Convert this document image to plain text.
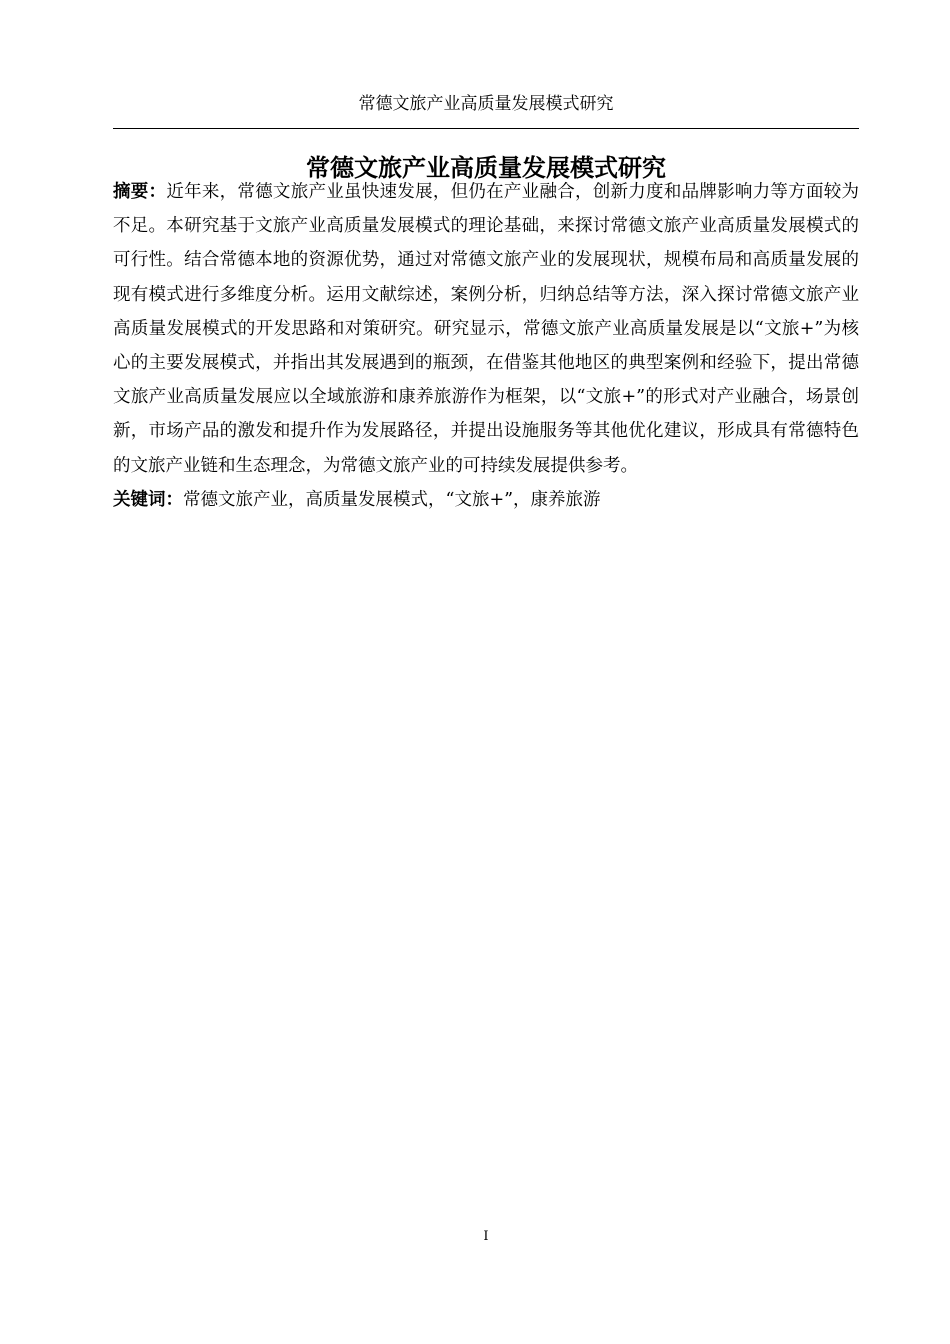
常德文旅产业高质量发展模式研究
常德文旅产业高质量发展模式研究

摘要：近年来，常德文旅产业虽快速发展，但仍在产业融合，创新力度和品牌影响力等方面较为不足。本研究基于文旅产业高质量发展模式的理论基础，来探讨常德文旅产业高质量发展模式的可行性。结合常德本地的资源优势，通过对常德文旅产业的发展现状，规模布局和高质量发展的现有模式进行多维度分析。运用文献综述，案例分析，归纳总结等方法，深入探讨常德文旅产业高质量发展模式的开发思路和对策研究。研究显示，常德文旅产业高质量发展是以“文旅+”为核心的主要发展模式，并指出其发展遇到的瓶颈，在借鉴其他地区的典型案例和经验下，提出常德文旅产业高质量发展应以全域旅游和康养旅游作为框架，以“文旅+”的形式对产业融合，场景创新，市场产品的激发和提升作为发展路径，并提出设施服务等其他优化建议，形成具有常德特色的文旅产业链和生态理念，为常德文旅产业的可持续发展提供参考。

关键词：常德文旅产业，高质量发展模式，“文旅+”，康养旅游

I
